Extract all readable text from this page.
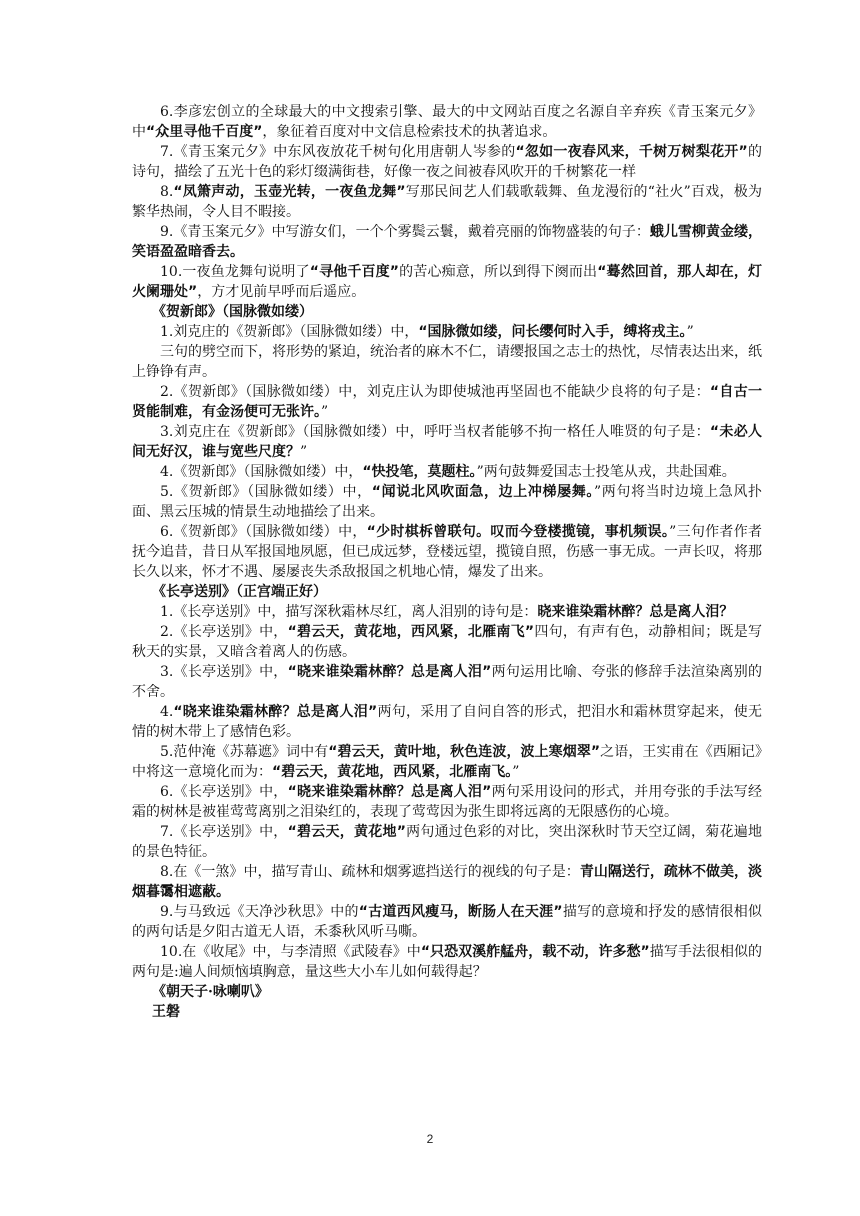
6.李彦宏创立的全球最大的中文搜索引擎、最大的中文网站百度之名源自辛弃疾《青玉案元夕》中“众里寻他千百度”，象征着百度对中文信息检索技术的执著追求。

7.《青玉案元夕》中东风夜放花千树句化用唐朝人岑参的“忽如一夜春风来，千树万树梨花开”的诗句，描绘了五光十色的彩灯缀满街巷，好像一夜之间被春风吹开的千树繁花一样

8.“凤箫声动，玉壶光转，一夜鱼龙舞”写那民间艺人们载歌载舞、鱼龙漫衍的“社火”百戏，极为繁华热闹，令人目不暇接。

9.《青玉案元夕》中写游女们，一个个雾鬓云鬟，戴着亮丽的饰物盛装的句子：蛾儿雪柳黄金缕，笑语盈盈暗香去。

10.一夜鱼龙舞句说明了“寻他千百度”的苦心痴意，所以到得下阕而出“蓦然回首，那人却在，灯火阑珊处”，方才见前早呼而后遥应。

《贺新郎》（国脉微如缕）

1.刘克庄的《贺新郎》（国脉微如缕）中，“国脉微如缕，问长缨何时入手，缚将戎主。”

三句的劈空而下，将形势的紧迫，统治者的麻木不仁，请缨报国之志士的热忱，尽情表达出来，纸上铮铮有声。

2.《贺新郎》（国脉微如缕）中，刘克庄认为即使城池再坚固也不能缺少良将的句子是：“自古一贤能制难，有金汤便可无张许。”

3.刘克庄在《贺新郎》（国脉微如缕）中，呼吁当权者能够不拘一格任人唯贤的句子是：“未必人间无好汉，谁与宽些尺度？”

4.《贺新郎》（国脉微如缕）中，“快投笔，莫题柱。”两句鼓舞爱国志士投笔从戎，共赴国难。

5.《贺新郎》（国脉微如缕）中，“闻说北风吹面急，边上冲梯屡舞。”两句将当时边境上急风扑面、黑云压城的情景生动地描绘了出来。

6.《贺新郎》（国脉微如缕）中，“少时棋柝曾联句。叹而今登楼揽镜，事机频误。”三句作者作者抚今追昔，昔日从军报国地夙愿，但已成远梦，登楼远望，揽镜自照，伤感一事无成。一声长叹，将那长久以来，怀才不遇、屡屡丧失杀敌报国之机地心情，爆发了出来。

《长亭送别》（正宫端正好）

1.《长亭送别》中，描写深秋霜林尽红，离人泪别的诗句是：晓来谁染霜林醉？总是离人泪？

2.《长亭送别》中，“碧云天，黄花地，西风紧，北雁南飞”四句，有声有色，动静相间；既是写秋天的实景，又暗含着离人的伤感。

3.《长亭送别》中，“晓来谁染霜林醉？总是离人泪”两句运用比喻、夸张的修辞手法渲染离别的不舍。

4.“晓来谁染霜林醉？总是离人泪”两句，采用了自问自答的形式，把泪水和霜林贯穿起来，使无情的树木带上了感情色彩。

5.范仲淹《苏幕遮》词中有“碧云天，黄叶地，秋色连波，波上寒烟翠”之语，王实甫在《西厢记》中将这一意境化而为：“碧云天，黄花地，西风紧，北雁南飞。”

6.《长亭送别》中，“晓来谁染霜林醉？总是离人泪”两句采用设问的形式，并用夸张的手法写经霜的树林是被崔莺莺离别之泪染红的，表现了莺莺因为张生即将远离的无限感伤的心境。

7.《长亭送别》中，“碧云天，黄花地”两句通过色彩的对比，突出深秋时节天空辽阔，菊花遍地的景色特征。

8.在《一煞》中，描写青山、疏林和烟雾遮挡送行的视线的句子是：青山隔送行，疏林不做美，淡烟暮霭相遮蔽。

9.与马致远《天净沙秋思》中的“古道西风瘦马，断肠人在天涯”描写的意境和抒发的感情很相似的两句话是夕阳古道无人语，禾黍秋风听马嘶。

10.在《收尾》中，与李清照《武陵春》中“只恐双溪舴艋舟，载不动，许多愁”描写手法很相似的两句是:遍人间烦恼填胸意，量这些大小车儿如何载得起？

《朝天子·咏喇叭》

王磐

2
